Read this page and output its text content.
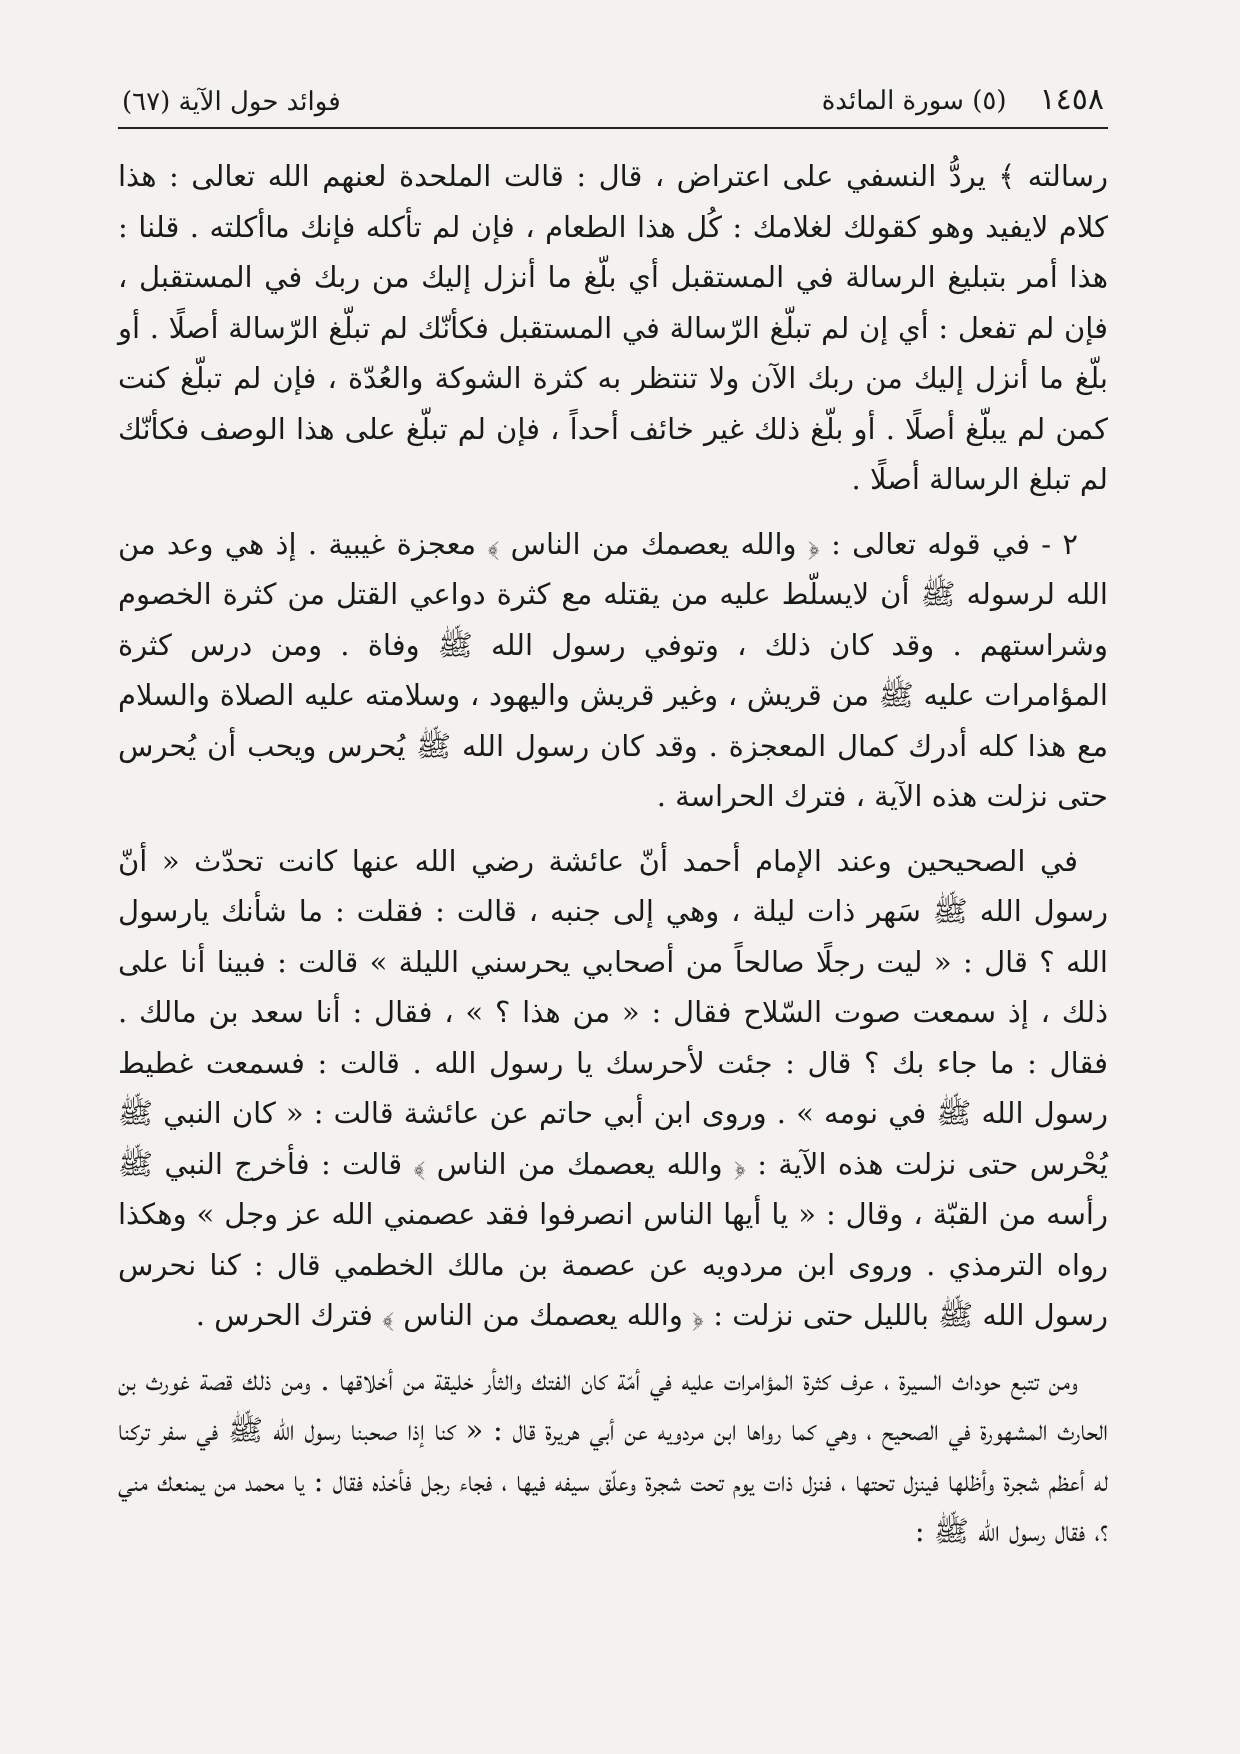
١٤٥٨    (٥) سورة المائدة
فوائد حول الآية (٦٧)

رسالته ﴾ يردُّ النسفي على اعتراض ، قال : قالت الملحدة لعنهم الله تعالى : هذا كلام لايفيد وهو كقولك لغلامك : كُل هذا الطعام ، فإن لم تأكله فإنك ماأكلته . قلنا : هذا أمر بتبليغ الرسالة في المستقبل أي بلّغ ما أنزل إليك من ربك في المستقبل ، فإن لم تفعل : أي إن لم تبلّغ الرّسالة في المستقبل فكأنّك لم تبلّغ الرّسالة أصلًا . أو بلّغ ما أنزل إليك من ربك الآن ولا تنتظر به كثرة الشوكة والعُدّة ، فإن لم تبلّغ كنت كمن لم يبلّغ أصلًا . أو بلّغ ذلك غير خائف أحداً ، فإن لم تبلّغ على هذا الوصف فكأنّك لم تبلغ الرسالة أصلًا .

٢ - في قوله تعالى : ﴿ والله يعصمك من الناس ﴾ معجزة غيبية . إذ هي وعد من الله لرسوله ﷺ أن لايسلّط عليه من يقتله مع كثرة دواعي القتل من كثرة الخصوم وشراستهم . وقد كان ذلك ، وتوفي رسول الله ﷺ وفاة . ومن درس كثرة المؤامرات عليه ﷺ من قريش ، وغير قريش واليهود ، وسلامته عليه الصلاة والسلام مع هذا كله أدرك كمال المعجزة . وقد كان رسول الله ﷺ يُحرس ويحب أن يُحرس حتى نزلت هذه الآية ، فترك الحراسة .

في الصحيحين وعند الإمام أحمد أنّ عائشة رضي الله عنها كانت تحدّث « أنّ رسول الله ﷺ سَهر ذات ليلة ، وهي إلى جنبه ، قالت : فقلت : ما شأنك يارسول الله ؟ قال : « ليت رجلًا صالحاً من أصحابي يحرسني الليلة » قالت : فبينا أنا على ذلك ، إذ سمعت صوت السّلاح فقال : « من هذا ؟ » ، فقال : أنا سعد بن مالك . فقال : ما جاء بك ؟ قال : جئت لأحرسك يا رسول الله . قالت : فسمعت غطيط رسول الله ﷺ في نومه » . وروى ابن أبي حاتم عن عائشة قالت : « كان النبي ﷺ يُحْرس حتى نزلت هذه الآية : ﴿ والله يعصمك من الناس ﴾ قالت : فأخرج النبي ﷺ رأسه من القبّة ، وقال : « يا أيها الناس انصرفوا فقد عصمني الله عز وجل » وهكذا رواه الترمذي . وروى ابن مردويه عن عصمة بن مالك الخطمي قال : كنا نحرس رسول الله ﷺ بالليل حتى نزلت : ﴿ والله يعصمك من الناس ﴾ فترك الحرس .

ومن تتبع حوداث السيرة ، عرف كثرة المؤامرات عليه في أمّة كان الفتك والثأر خليقة من أخلاقها . ومن ذلك قصة غورث بن الحارث المشهورة في الصحيح ، وهي كما رواها ابن مردويه عن أبي هريرة قال : « كنا إذا صحبنا رسول الله ﷺ في سفر تركنا له أعظم شجرة وأظلها فينزل تحتها ، فنزل ذات يوم تحت شجرة وعلّق سيفه فيها ، فجاء رجل فأخذه فقال : يا محمد من يمنعك مني ؟، فقال رسول الله ﷺ :
